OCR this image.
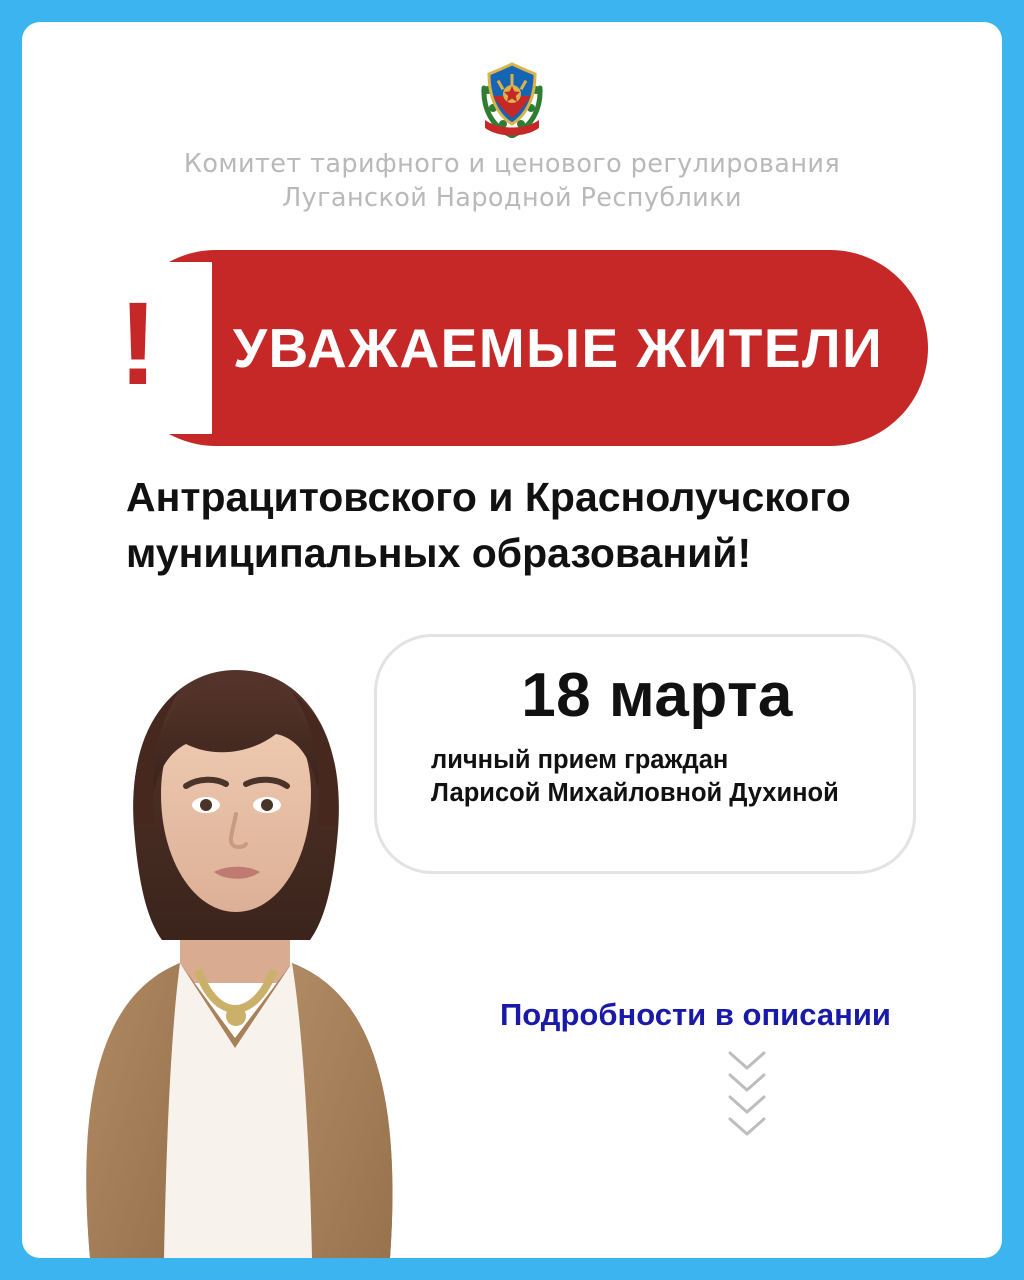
Комитет тарифного и ценового регулирования
Луганской Народной Республики
УВАЖАЕМЫЕ ЖИТЕЛИ
!
Антрацитовского и Краснолучского
муниципальных образований!
18 марта
личный прием граждан
Ларисой Михайловной Духиной
Подробности в описании
